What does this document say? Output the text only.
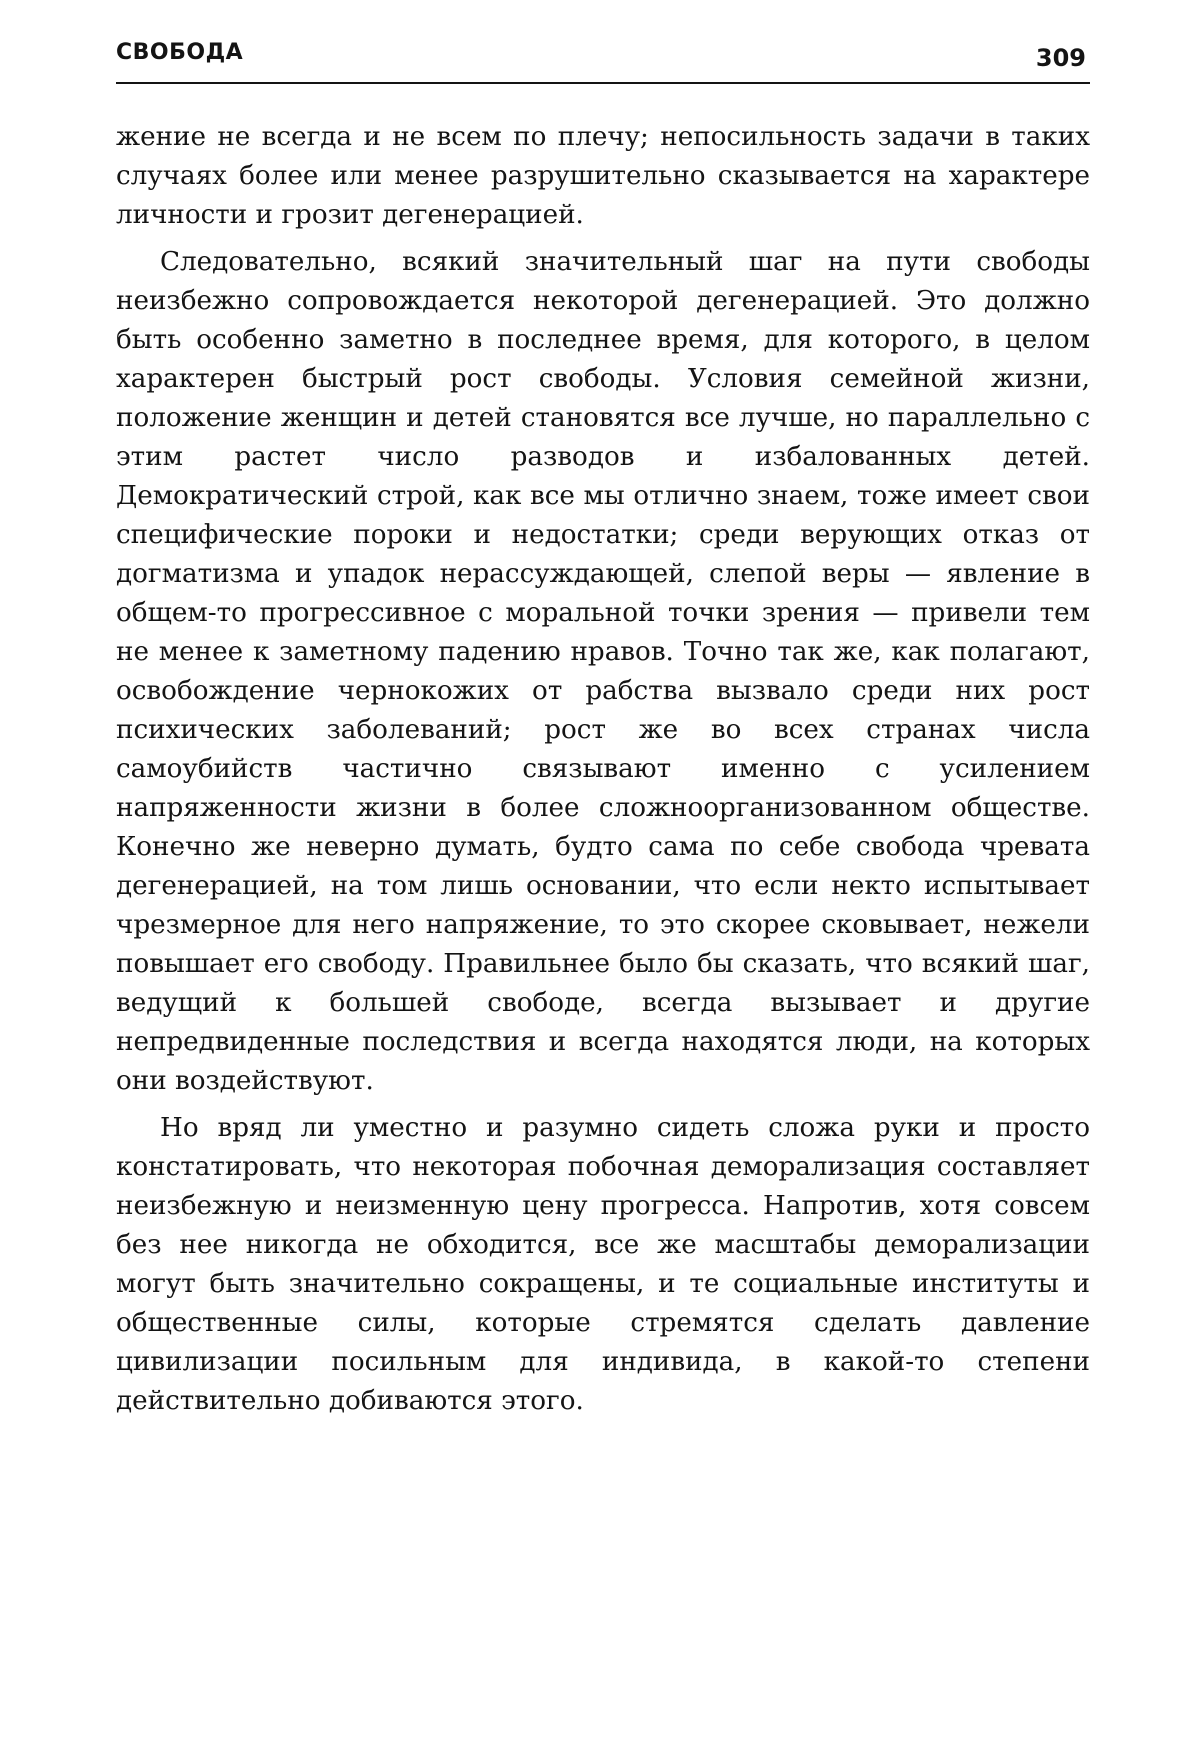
СВОБОДА	309

жение не всегда и не всем по плечу; непосильность задачи в таких случаях более или менее разрушительно сказывается на характере личности и грозит дегенерацией.

Следовательно, всякий значительный шаг на пути свободы неизбежно сопровождается некоторой дегенерацией. Это должно быть особенно заметно в последнее время, для которого, в целом характерен быстрый рост свободы. Условия семейной жизни, положение женщин и детей становятся все лучше, но параллельно с этим растет число разводов и избалованных детей. Демократический строй, как все мы отлично знаем, тоже имеет свои специфические пороки и недостатки; среди верующих отказ от догматизма и упадок нерассуждающей, слепой веры — явление в общем-то прогрессивное с моральной точки зрения — привели тем не менее к заметному падению нравов. Точно так же, как полагают, освобождение чернокожих от рабства вызвало среди них рост психических заболеваний; рост же во всех странах числа самоубийств частично связывают именно с усилением напряженности жизни в более сложноорганизованном обществе. Конечно же неверно думать, будто сама по себе свобода чревата дегенерацией, на том лишь основании, что если некто испытывает чрезмерное для него напряжение, то это скорее сковывает, нежели повышает его свободу. Правильнее было бы сказать, что всякий шаг, ведущий к большей свободе, всегда вызывает и другие непредвиденные последствия и всегда находятся люди, на которых они воздействуют.

Но вряд ли уместно и разумно сидеть сложа руки и просто констатировать, что некоторая побочная деморализация составляет неизбежную и неизменную цену прогресса. Напротив, хотя совсем без нее никогда не обходится, все же масштабы деморализации могут быть значительно сокращены, и те социальные институты и общественные силы, которые стремятся сделать давление цивилизации посильным для индивида, в какой-то степени действительно добиваются этого.
